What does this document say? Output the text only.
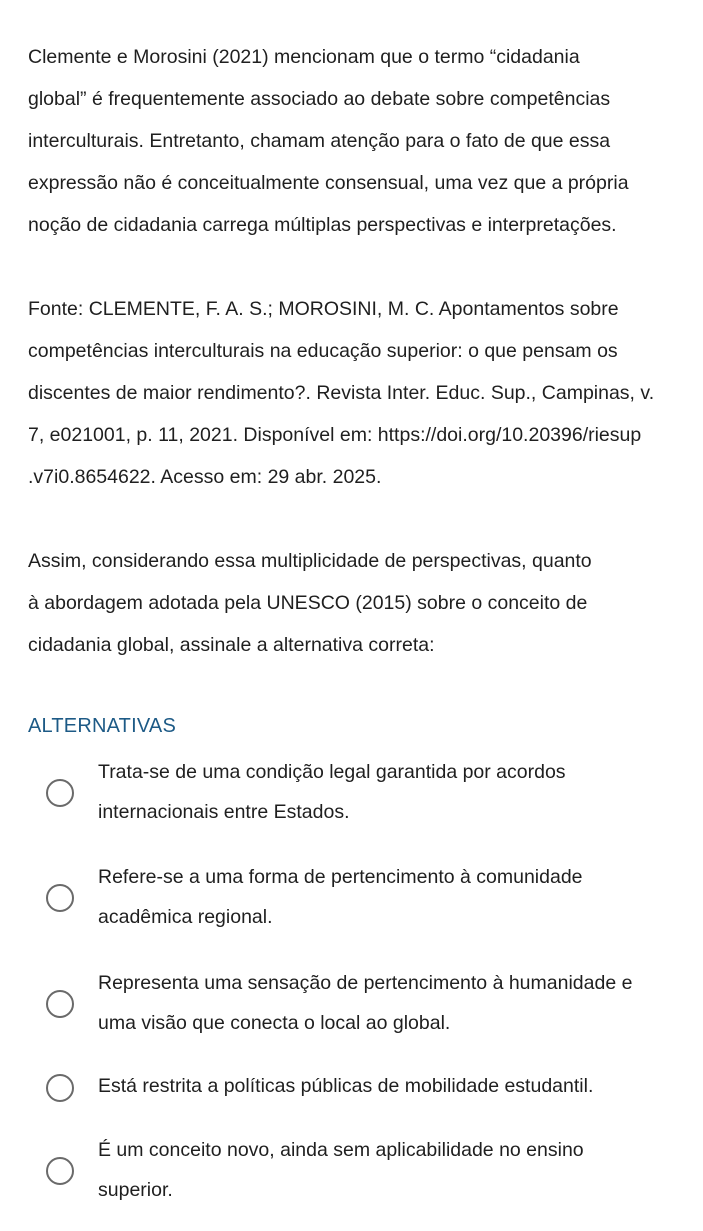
Clemente e Morosini (2021) mencionam que o termo “cidadania
global” é frequentemente associado ao debate sobre competências
interculturais. Entretanto, chamam atenção para o fato de que essa
expressão não é conceitualmente consensual, uma vez que a própria
noção de cidadania carrega múltiplas perspectivas e interpretações.

Fonte: CLEMENTE, F. A. S.; MOROSINI, M. C. Apontamentos sobre
competências interculturais na educação superior: o que pensam os
discentes de maior rendimento?. Revista Inter. Educ. Sup., Campinas, v.
7, e021001, p. 11, 2021. Disponível em: https://doi.org/10.20396/riesup
.v7i0.8654622. Acesso em: 29 abr. 2025.

Assim, considerando essa multiplicidade de perspectivas, quanto
à abordagem adotada pela UNESCO (2015) sobre o conceito de
cidadania global, assinale a alternativa correta:

ALTERNATIVAS
Trata-se de uma condição legal garantida por acordos
internacionais entre Estados.
Refere-se a uma forma de pertencimento à comunidade
acadêmica regional.
Representa uma sensação de pertencimento à humanidade e
uma visão que conecta o local ao global.
Está restrita a políticas públicas de mobilidade estudantil.
É um conceito novo, ainda sem aplicabilidade no ensino
superior.
